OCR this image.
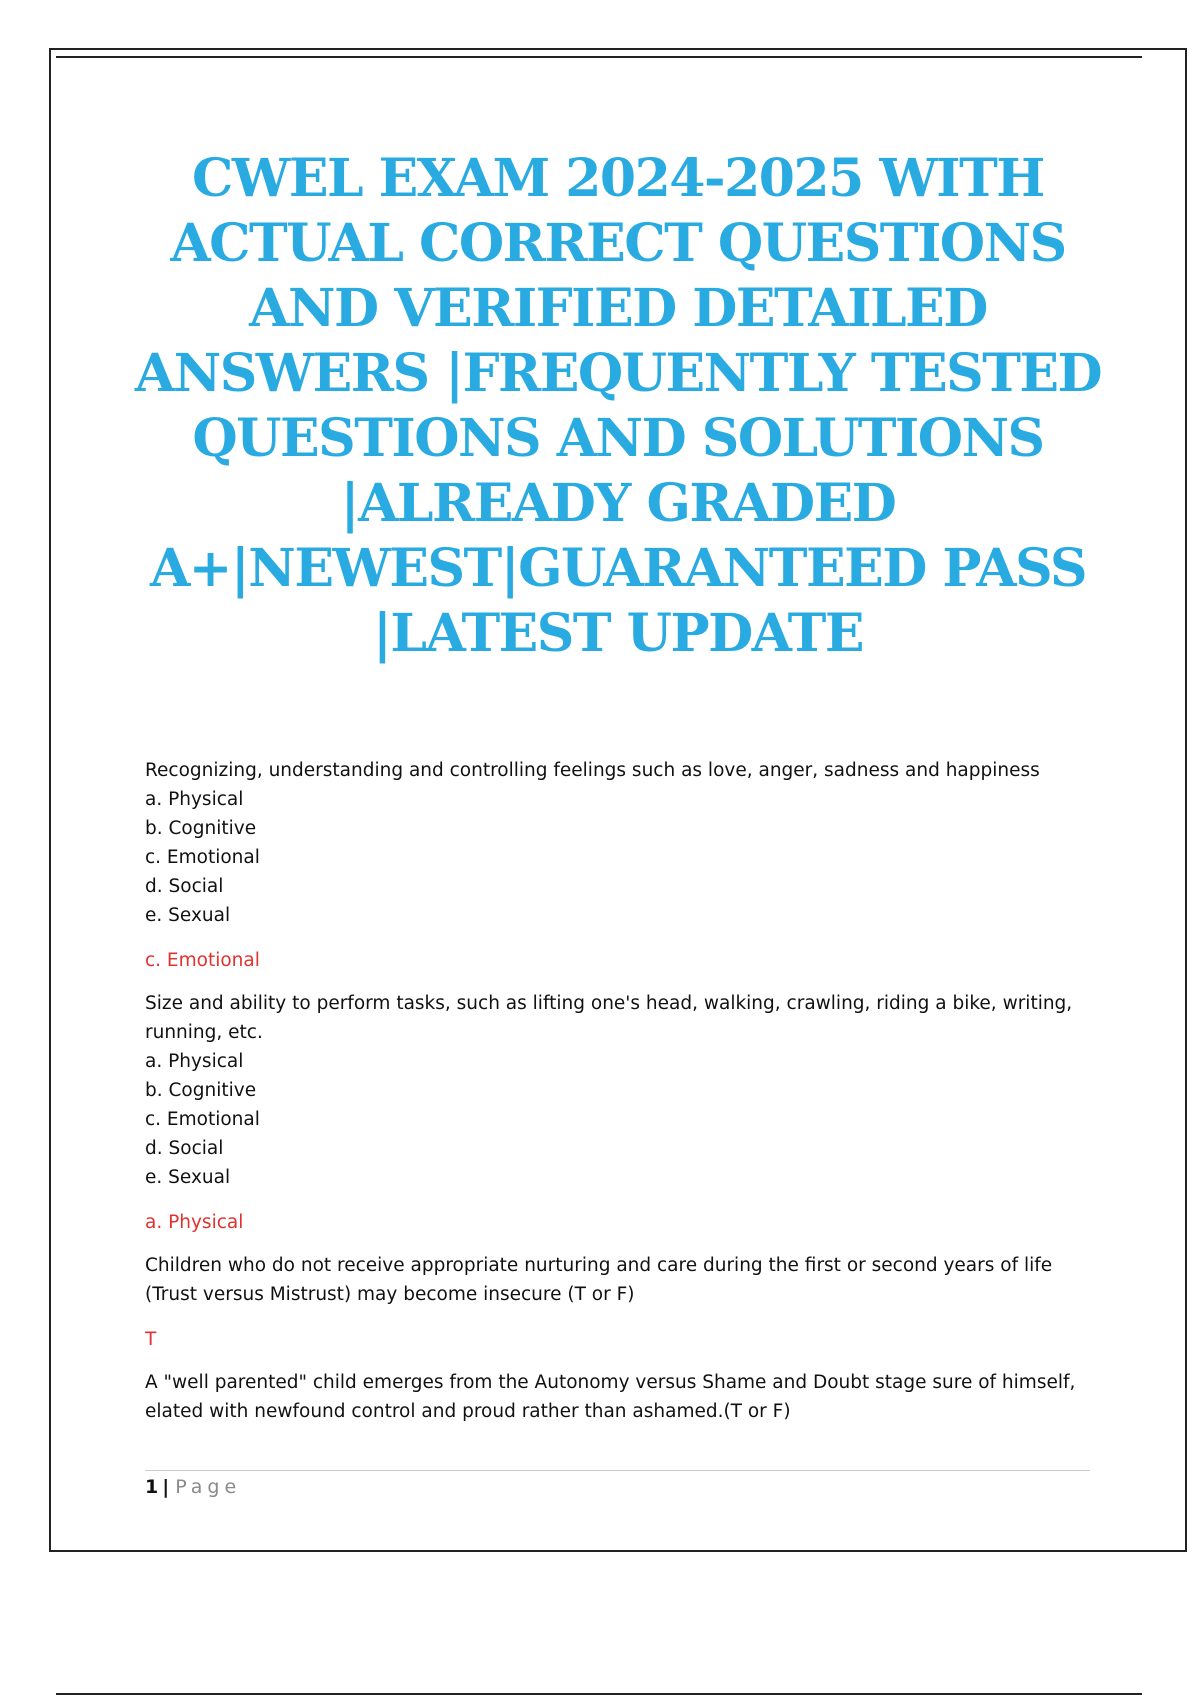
CWEL EXAM 2024-2025 WITH
ACTUAL CORRECT QUESTIONS
AND VERIFIED DETAILED
ANSWERS |FREQUENTLY TESTED
QUESTIONS AND SOLUTIONS
|ALREADY GRADED
A+|NEWEST|GUARANTEED PASS
|LATEST UPDATE

Recognizing, understanding and controlling feelings such as love, anger, sadness and happiness

a. Physical
b. Cognitive
c. Emotional
d. Social
e. Sexual

c. Emotional

Size and ability to perform tasks, such as lifting one's head, walking, crawling, riding a bike, writing, running, etc.

a. Physical
b. Cognitive
c. Emotional
d. Social
e. Sexual

a. Physical

Children who do not receive appropriate nurturing and care during the first or second years of life (Trust versus Mistrust) may become insecure (T or F)

T

A "well parented" child emerges from the Autonomy versus Shame and Doubt stage sure of himself, elated with newfound control and proud rather than ashamed.(T or F)

1 | Page
